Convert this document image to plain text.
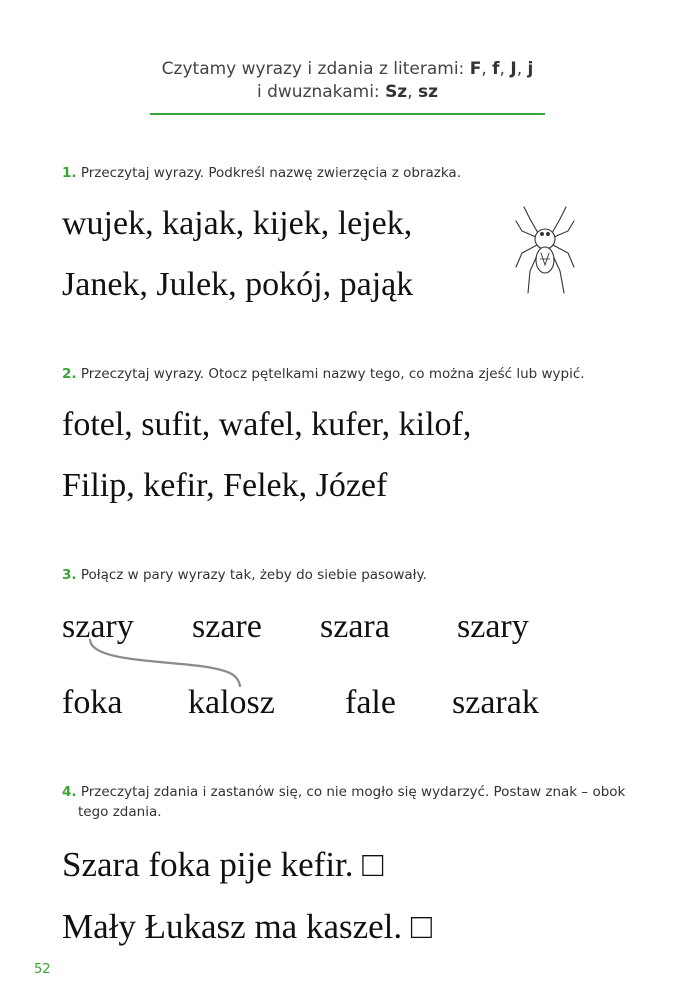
Czytamy wyrazy i zdania z literami: F, f, J, j
i dwuznakami: Sz, sz
1. Przeczytaj wyrazy. Podkreśl nazwę zwierzęcia z obrazka.
wujek, kajak, kijek, lejek,
Janek, Julek, pokój, pająk
2. Przeczytaj wyrazy. Otocz pętelkami nazwy tego, co można zjeść lub wypić.
fotel, sufit, wafel, kufer, kilof,
Filip, kefir, Felek, Józef
3. Połącz w pary wyrazy tak, żeby do siebie pasowały.
szary szare szara szary
foka kalosz fale szarak
4. Przeczytaj zdania i zastanów się, co nie mogło się wydarzyć. Postaw znak – obok
tego zdania.
Szara foka pije kefir. □
Mały Łukasz ma kaszel. □
52
